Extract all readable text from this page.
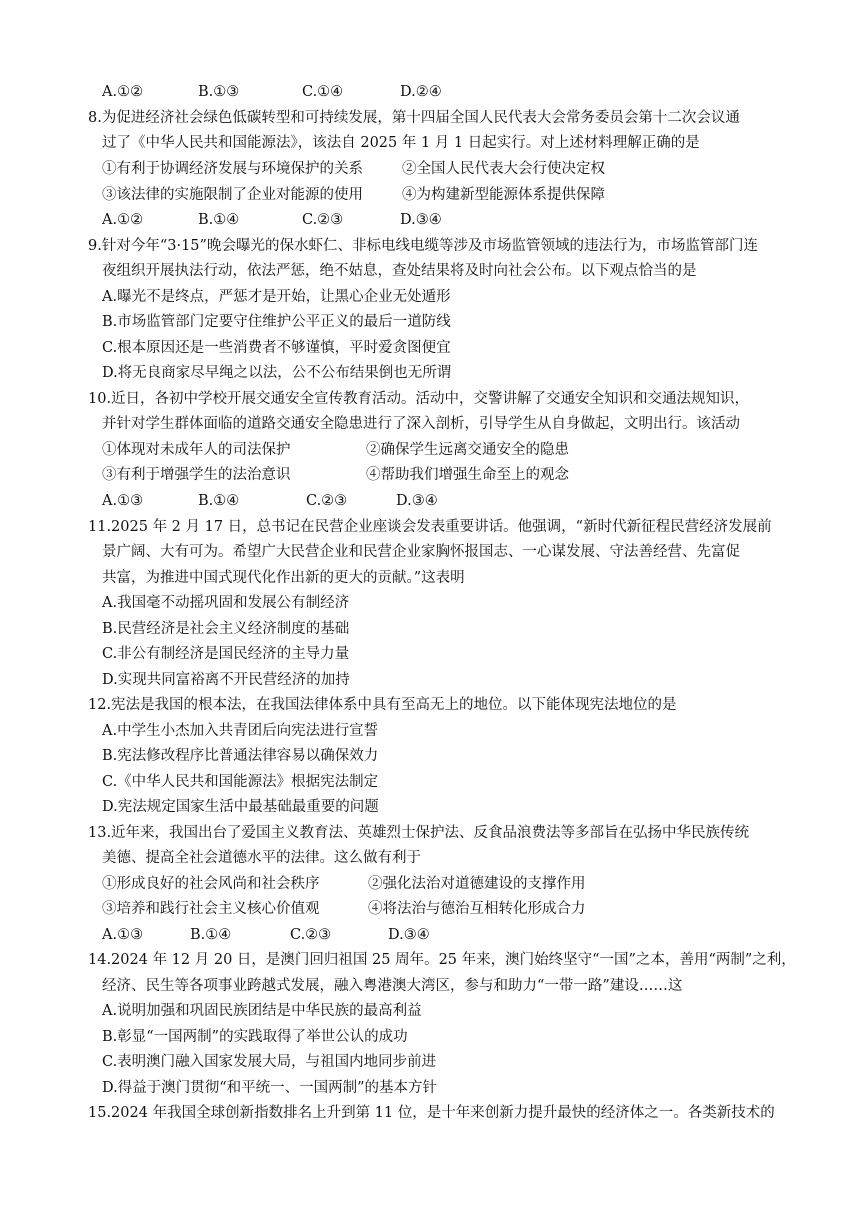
A.①②	B.①③	C.①④	D.②④
8.为促进经济社会绿色低碳转型和可持续发展，第十四届全国人民代表大会常务委员会第十二次会议通
过了《中华人民共和国能源法》，该法自 2025 年 1 月 1 日起实行。对上述材料理解正确的是
①有利于协调经济发展与环境保护的关系	②全国人民代表大会行使决定权
③该法律的实施限制了企业对能源的使用	④为构建新型能源体系提供保障
A.①②	B.①④	C.②③	D.③④
9.针对今年“3·15”晚会曝光的保水虾仁、非标电线电缆等涉及市场监管领域的违法行为，市场监管部门连
夜组织开展执法行动，依法严惩，绝不姑息，查处结果将及时向社会公布。以下观点恰当的是
A.曝光不是终点，严惩才是开始，让黑心企业无处遁形
B.市场监管部门定要守住维护公平正义的最后一道防线
C.根本原因还是一些消费者不够谨慎，平时爱贪图便宜
D.将无良商家尽早绳之以法，公不公布结果倒也无所谓
10.近日，各初中学校开展交通安全宣传教育活动。活动中，交警讲解了交通安全知识和交通法规知识，
并针对学生群体面临的道路交通安全隐患进行了深入剖析，引导学生从自身做起，文明出行。该活动
①体现对未成年人的司法保护	②确保学生远离交通安全的隐患
③有利于增强学生的法治意识	④帮助我们增强生命至上的观念
A.①③	B.①④	C.②③	D.③④
11.2025 年 2 月 17 日，总书记在民营企业座谈会发表重要讲话。他强调，“新时代新征程民营经济发展前
景广阔、大有可为。希望广大民营企业和民营企业家胸怀报国志、一心谋发展、守法善经营、先富促
共富，为推进中国式现代化作出新的更大的贡献。”这表明
A.我国毫不动摇巩固和发展公有制经济
B.民营经济是社会主义经济制度的基础
C.非公有制经济是国民经济的主导力量
D.实现共同富裕离不开民营经济的加持
12.宪法是我国的根本法，在我国法律体系中具有至高无上的地位。以下能体现宪法地位的是
A.中学生小杰加入共青团后向宪法进行宣誓
B.宪法修改程序比普通法律容易以确保效力
C.《中华人民共和国能源法》根据宪法制定
D.宪法规定国家生活中最基础最重要的问题
13.近年来，我国出台了爱国主义教育法、英雄烈士保护法、反食品浪费法等多部旨在弘扬中华民族传统
美德、提高全社会道德水平的法律。这么做有利于
①形成良好的社会风尚和社会秩序	②强化法治对道德建设的支撑作用
③培养和践行社会主义核心价值观	④将法治与德治互相转化形成合力
A.①③	B.①④	C.②③	D.③④
14.2024 年 12 月 20 日，是澳门回归祖国 25 周年。25 年来，澳门始终坚守“一国”之本，善用“两制”之利，
经济、民生等各项事业跨越式发展，融入粤港澳大湾区，参与和助力“一带一路”建设……这
A.说明加强和巩固民族团结是中华民族的最高利益
B.彰显“一国两制”的实践取得了举世公认的成功
C.表明澳门融入国家发展大局，与祖国内地同步前进
D.得益于澳门贯彻“和平统一、一国两制”的基本方针
15.2024 年我国全球创新指数排名上升到第 11 位，是十年来创新力提升最快的经济体之一。各类新技术的
